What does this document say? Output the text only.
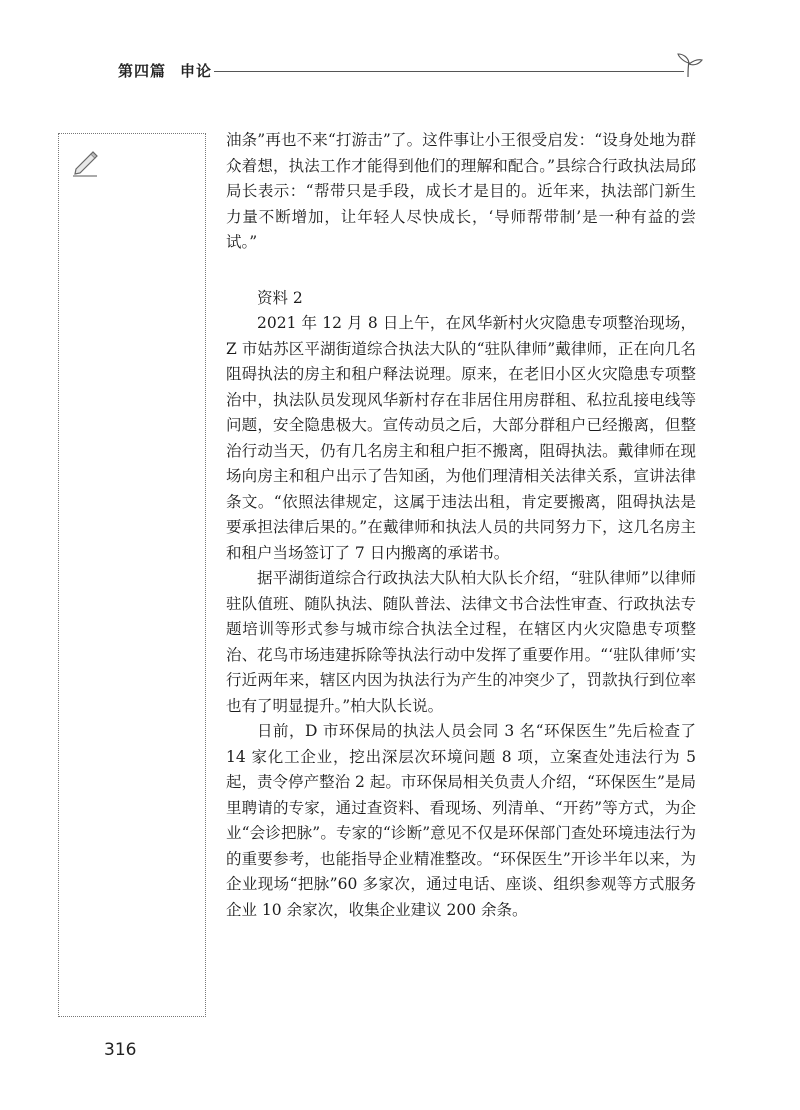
第四篇 申论

油条”再也不来“打游击”了。这件事让小王很受启发：“设身处地为群众着想，执法工作才能得到他们的理解和配合。”县综合行政执法局邱局长表示：“帮带只是手段，成长才是目的。近年来，执法部门新生力量不断增加，让年轻人尽快成长，‘导师帮带制’是一种有益的尝试。”

资料 2

2021 年 12 月 8 日上午，在风华新村火灾隐患专项整治现场，Z 市姑苏区平湖街道综合执法大队的“驻队律师”戴律师，正在向几名阻碍执法的房主和租户释法说理。原来，在老旧小区火灾隐患专项整治中，执法队员发现风华新村存在非居住用房群租、私拉乱接电线等问题，安全隐患极大。宣传动员之后，大部分群租户已经搬离，但整治行动当天，仍有几名房主和租户拒不搬离，阻碍执法。戴律师在现场向房主和租户出示了告知函，为他们理清相关法律关系，宣讲法律条文。“依照法律规定，这属于违法出租，肯定要搬离，阻碍执法是要承担法律后果的。”在戴律师和执法人员的共同努力下，这几名房主和租户当场签订了 7 日内搬离的承诺书。

据平湖街道综合行政执法大队柏大队长介绍，“驻队律师”以律师驻队值班、随队执法、随队普法、法律文书合法性审查、行政执法专题培训等形式参与城市综合执法全过程，在辖区内火灾隐患专项整治、花鸟市场违建拆除等执法行动中发挥了重要作用。“‘驻队律师’实行近两年来，辖区内因为执法行为产生的冲突少了，罚款执行到位率也有了明显提升。”柏大队长说。

日前，D 市环保局的执法人员会同 3 名“环保医生”先后检查了 14 家化工企业，挖出深层次环境问题 8 项，立案查处违法行为 5 起，责令停产整治 2 起。市环保局相关负责人介绍，“环保医生”是局里聘请的专家，通过查资料、看现场、列清单、“开药”等方式，为企业“会诊把脉”。专家的“诊断”意见不仅是环保部门查处环境违法行为的重要参考，也能指导企业精准整改。“环保医生”开诊半年以来，为企业现场“把脉”60 多家次，通过电话、座谈、组织参观等方式服务企业 10 余家次，收集企业建议 200 余条。

316
